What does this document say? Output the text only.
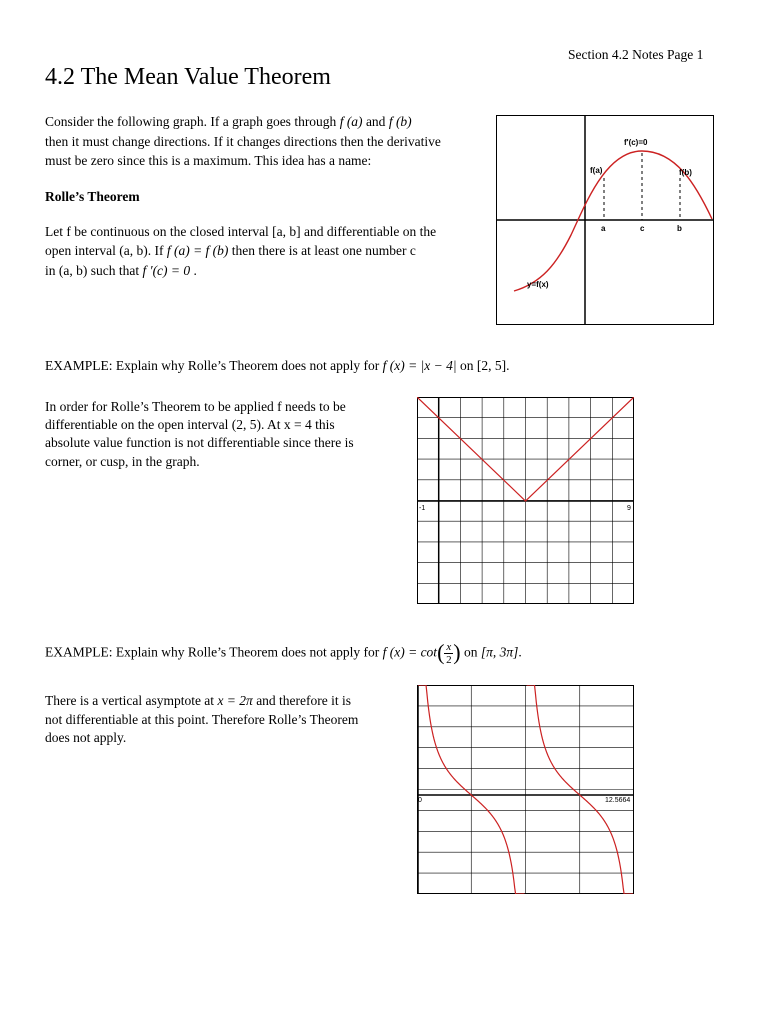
Section 4.2 Notes Page 1
4.2 The Mean Value Theorem
Consider the following graph. If a graph goes through f (a) and f (b)
then it must change directions. If it changes directions then the derivative
must be zero since this is a maximum. This idea has a name:
Rolle’s Theorem
Let f be continuous on the closed interval [a, b] and differentiable on the
open interval (a, b). If f (a) = f (b) then there is at least one number c
in (a, b) such that f ′(c) = 0 .
f'(c)=0
f(a)	f(b)
a	c	b
y=f(x)
EXAMPLE: Explain why Rolle’s Theorem does not apply for f (x) = |x − 4| on [2, 5].
In order for Rolle’s Theorem to be applied f needs to be
differentiable on the open interval (2, 5). At x = 4 this
absolute value function is not differentiable since there is
corner, or cusp, in the graph.
-1	9
EXAMPLE: Explain why Rolle’s Theorem does not apply for f $(x) = \cot( \frac{x}{2}$ ) on [π, 3π].
There is a vertical asymptote at x = 2π and therefore it is
not differentiable at this point. Therefore Rolle’s Theorem
does not apply.
0	12.5664
